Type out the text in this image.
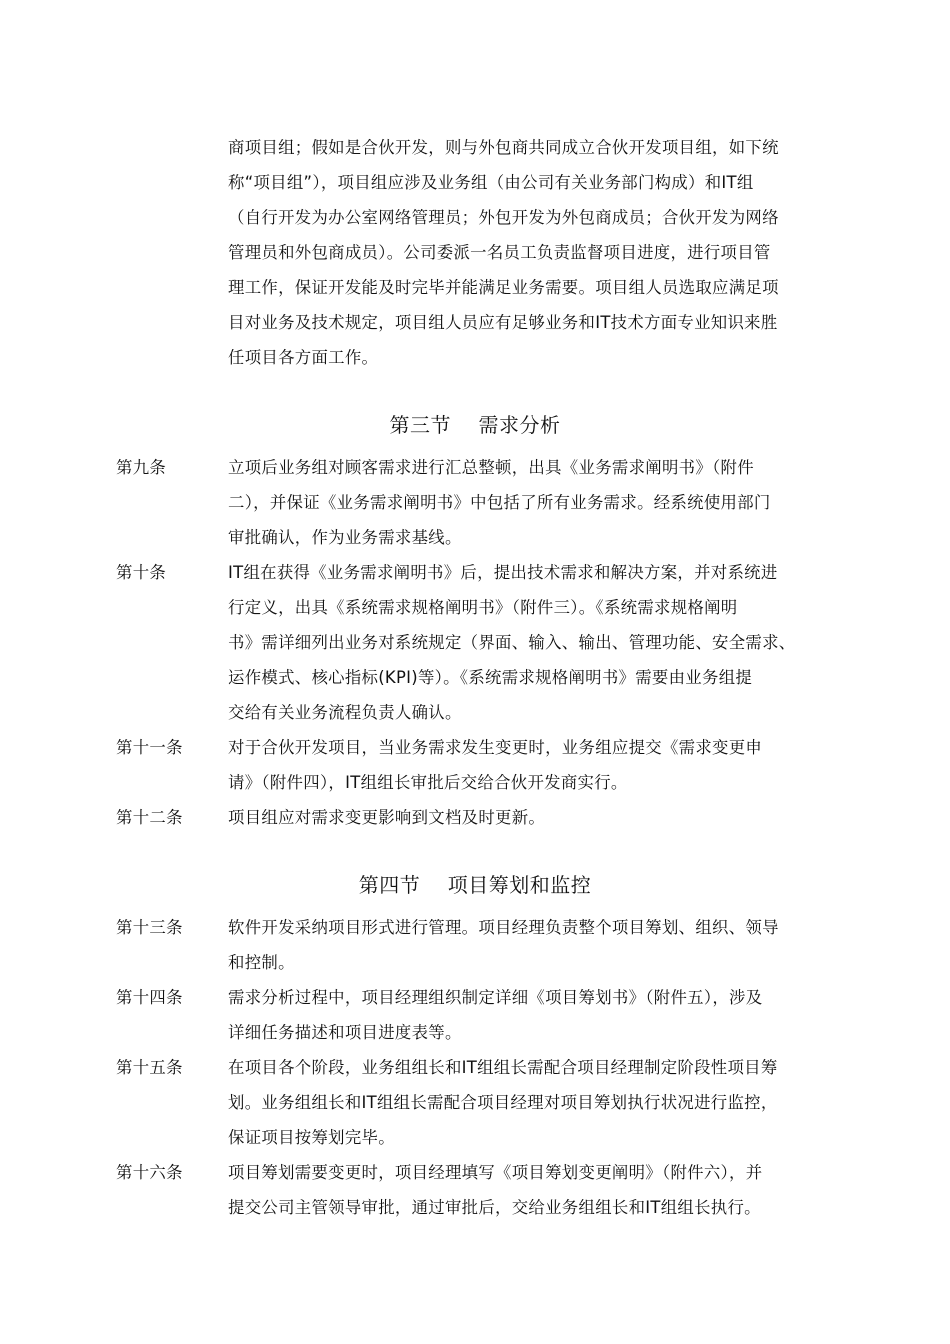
商项目组；假如是合伙开发，则与外包商共同成立合伙开发项目组，如下统
称“项目组”），项目组应涉及业务组（由公司有关业务部门构成）和IT组
（自行开发为办公室网络管理员；外包开发为外包商成员；合伙开发为网络
管理员和外包商成员）。公司委派一名员工负责监督项目进度，进行项目管
理工作，保证开发能及时完毕并能满足业务需要。项目组人员选取应满足项
目对业务及技术规定，项目组人员应有足够业务和IT技术方面专业知识来胜
任项目各方面工作。
第三节    需求分析
第九条	立项后业务组对顾客需求进行汇总整顿，出具《业务需求阐明书》（附件
二），并保证《业务需求阐明书》中包括了所有业务需求。经系统使用部门
审批确认，作为业务需求基线。
第十条	IT组在获得《业务需求阐明书》后，提出技术需求和解决方案，并对系统进
行定义，出具《系统需求规格阐明书》（附件三）。《系统需求规格阐明
书》需详细列出业务对系统规定（界面、输入、输出、管理功能、安全需求、
运作模式、核心指标(KPI)等）。《系统需求规格阐明书》需要由业务组提
交给有关业务流程负责人确认。
第十一条	对于合伙开发项目，当业务需求发生变更时，业务组应提交《需求变更申
请》（附件四），IT组组长审批后交给合伙开发商实行。
第十二条	项目组应对需求变更影响到文档及时更新。
第四节    项目筹划和监控
第十三条	软件开发采纳项目形式进行管理。项目经理负责整个项目筹划、组织、领导
和控制。
第十四条	需求分析过程中，项目经理组织制定详细《项目筹划书》（附件五），涉及
详细任务描述和项目进度表等。
第十五条	在项目各个阶段，业务组组长和IT组组长需配合项目经理制定阶段性项目筹
划。业务组组长和IT组组长需配合项目经理对项目筹划执行状况进行监控，
保证项目按筹划完毕。
第十六条	项目筹划需要变更时，项目经理填写《项目筹划变更阐明》（附件六），并
提交公司主管领导审批，通过审批后，交给业务组组长和IT组组长执行。
